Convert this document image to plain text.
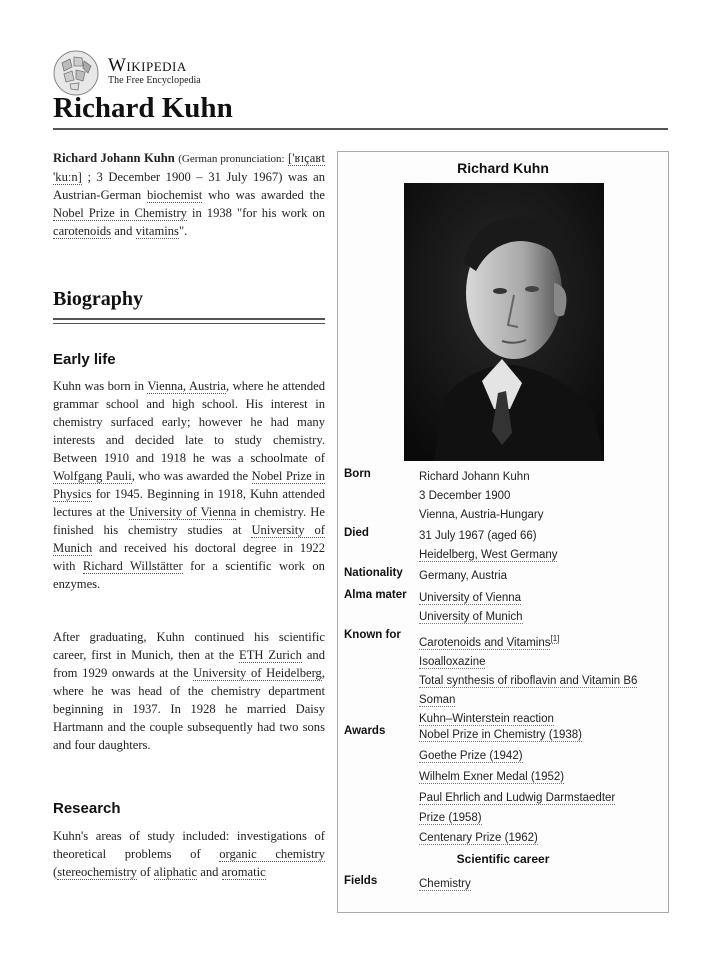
Wikipedia
The Free Encyclopedia
Richard Kuhn

Richard Johann Kuhn (German pronunciation: ['ʁɪçaʁt 'kuːn] ; 3 December 1900 – 31 July 1967) was an Austrian-German biochemist who was awarded the Nobel Prize in Chemistry in 1938 "for his work on carotenoids and vitamins".

Biography
Early life

Kuhn was born in Vienna, Austria, where he attended grammar school and high school. His interest in chemistry surfaced early; however he had many interests and decided late to study chemistry. Between 1910 and 1918 he was a schoolmate of Wolfgang Pauli, who was awarded the Nobel Prize in Physics for 1945. Beginning in 1918, Kuhn attended lectures at the University of Vienna in chemistry. He finished his chemistry studies at University of Munich and received his doctoral degree in 1922 with Richard Willstätter for a scientific work on enzymes.

After graduating, Kuhn continued his scientific career, first in Munich, then at the ETH Zurich and from 1929 onwards at the University of Heidelberg, where he was head of the chemistry department beginning in 1937. In 1928 he married Daisy Hartmann and the couple subsequently had two sons and four daughters.

Research

Kuhn's areas of study included: investigations of theoretical problems of organic chemistry (stereochemistry of aliphatic and aromatic

Richard Kuhn
Born	Richard Johann Kuhn
3 December 1900
Vienna, Austria-Hungary
Died	31 July 1967 (aged 66)
Heidelberg, West Germany
Nationality Germany, Austria
Alma mater University of Vienna
University of Munich
Known for
Carotenoids and Vitamins[1]
Isoalloxazine
Total synthesis of riboflavin and Vitamin B6
Soman
Kuhn–Winterstein reaction
Awards	Nobel Prize in Chemistry (1938)
Goethe Prize (1942)
Wilhelm Exner Medal (1952)
Paul Ehrlich and Ludwig Darmstaedter
Prize (1958)
Centenary Prize (1962)
Scientific career
Fields	Chemistry
